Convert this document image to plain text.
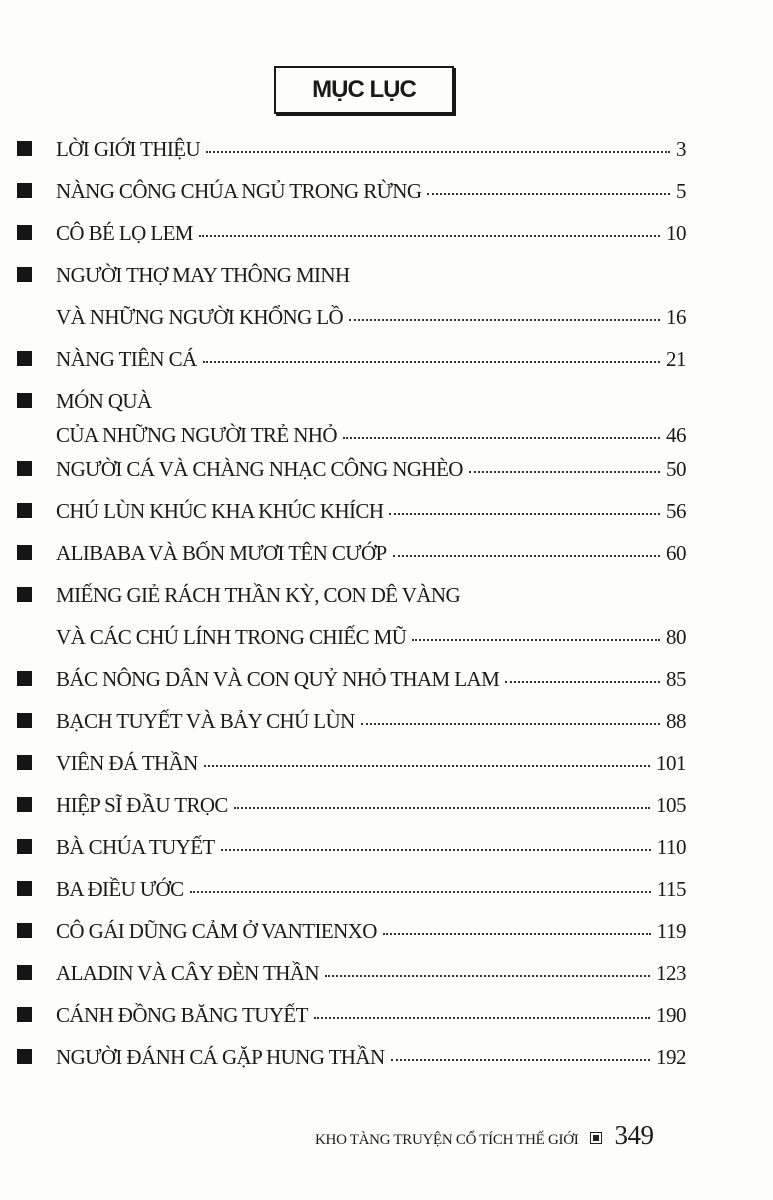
MỤC LỤC
LỜI GIỚI THIỆU	3
NÀNG CÔNG CHÚA NGỦ TRONG RỪNG	5
CÔ BÉ LỌ LEM	10
NGƯỜI THỢ MAY THÔNG MINH
VÀ NHỮNG NGƯỜI KHỔNG LỒ	16
NÀNG TIÊN CÁ	21
MÓN QUÀ
CỦA NHỮNG NGƯỜI TRẺ NHỎ	46
NGƯỜI CÁ VÀ CHÀNG NHẠC CÔNG NGHÈO	50
CHÚ LÙN KHÚC KHA KHÚC KHÍCH	56
ALIBABA VÀ BỐN MƯƠI TÊN CƯỚP	60
MIẾNG GIẺ RÁCH THẦN KỲ, CON DÊ VÀNG
VÀ CÁC CHÚ LÍNH TRONG CHIẾC MŨ	80
BÁC NÔNG DÂN VÀ CON QUỶ NHỎ THAM LAM	85
BẠCH TUYẾT VÀ BẢY CHÚ LÙN	88
VIÊN ĐÁ THẦN	101
HIỆP SĨ ĐẦU TRỌC	105
BÀ CHÚA TUYẾT	110
BA ĐIỀU ƯỚC	115
CÔ GÁI DŨNG CẢM Ở VANTIENXO	119
ALADIN VÀ CÂY ĐÈN THẦN	123
CÁNH ĐỒNG BĂNG TUYẾT	190
NGƯỜI ĐÁNH CÁ GẶP HUNG THẦN	192
KHO TÀNG TRUYỆN CỔ TÍCH THẾ GIỚI 349
